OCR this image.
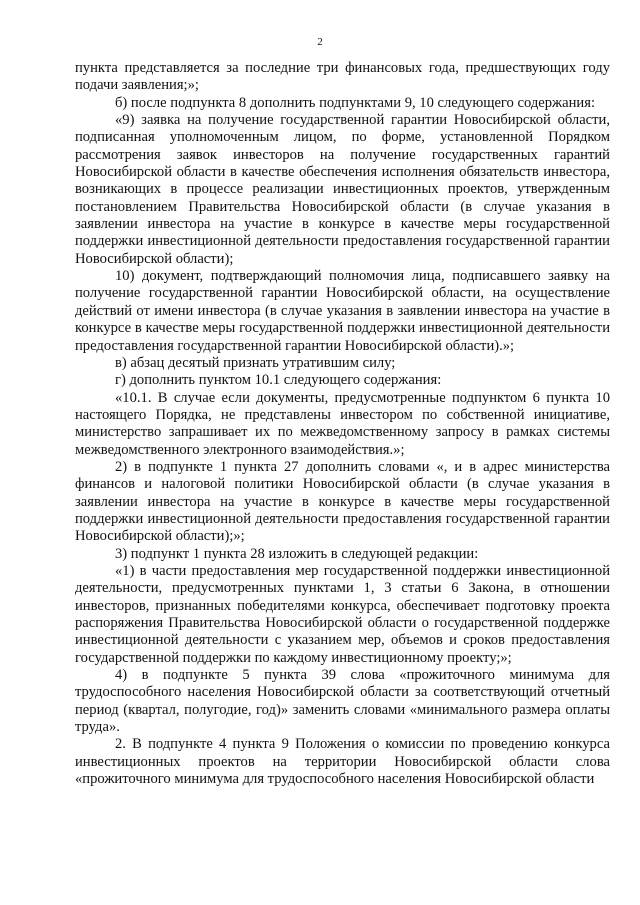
2

пункта представляется за последние три финансовых года, предшествующих году подачи заявления;»;

б) после подпункта 8 дополнить подпунктами 9, 10 следующего содержания:

«9) заявка на получение государственной гарантии Новосибирской области, подписанная уполномоченным лицом, по форме, установленной Порядком рассмотрения заявок инвесторов на получение государственных гарантий Новосибирской области в качестве обеспечения исполнения обязательств инвестора, возникающих в процессе реализации инвестиционных проектов, утвержденным постановлением Правительства Новосибирской области (в случае указания в заявлении инвестора на участие в конкурсе в качестве меры государственной поддержки инвестиционной деятельности предоставления государственной гарантии Новосибирской области);

10) документ, подтверждающий полномочия лица, подписавшего заявку на получение государственной гарантии Новосибирской области, на осуществление действий от имени инвестора (в случае указания в заявлении инвестора на участие в конкурсе в качестве меры государственной поддержки инвестиционной деятельности предоставления государственной гарантии Новосибирской области).»;

в) абзац десятый признать утратившим силу;

г) дополнить пунктом 10.1 следующего содержания:

«10.1. В случае если документы, предусмотренные подпунктом 6 пункта 10 настоящего Порядка, не представлены инвестором по собственной инициативе, министерство запрашивает их по межведомственному запросу в рамках системы межведомственного электронного взаимодействия.»;

2) в подпункте 1 пункта 27 дополнить словами «, и в адрес министерства финансов и налоговой политики Новосибирской области (в случае указания в заявлении инвестора на участие в конкурсе в качестве меры государственной поддержки инвестиционной деятельности предоставления государственной гарантии Новосибирской области);»;

3) подпункт 1 пункта 28 изложить в следующей редакции:

«1) в части предоставления мер государственной поддержки инвестиционной деятельности, предусмотренных пунктами 1, 3 статьи 6 Закона, в отношении инвесторов, признанных победителями конкурса, обеспечивает подготовку проекта распоряжения Правительства Новосибирской области о государственной поддержке инвестиционной деятельности с указанием мер, объемов и сроков предоставления государственной поддержки по каждому инвестиционному проекту;»;

4) в подпункте 5 пункта 39 слова «прожиточного минимума для трудоспособного населения Новосибирской области за соответствующий отчетный период (квартал, полугодие, год)» заменить словами «минимального размера оплаты труда».

2. В подпункте 4 пункта 9 Положения о комиссии по проведению конкурса инвестиционных проектов на территории Новосибирской области слова «прожиточного минимума для трудоспособного населения Новосибирской области
